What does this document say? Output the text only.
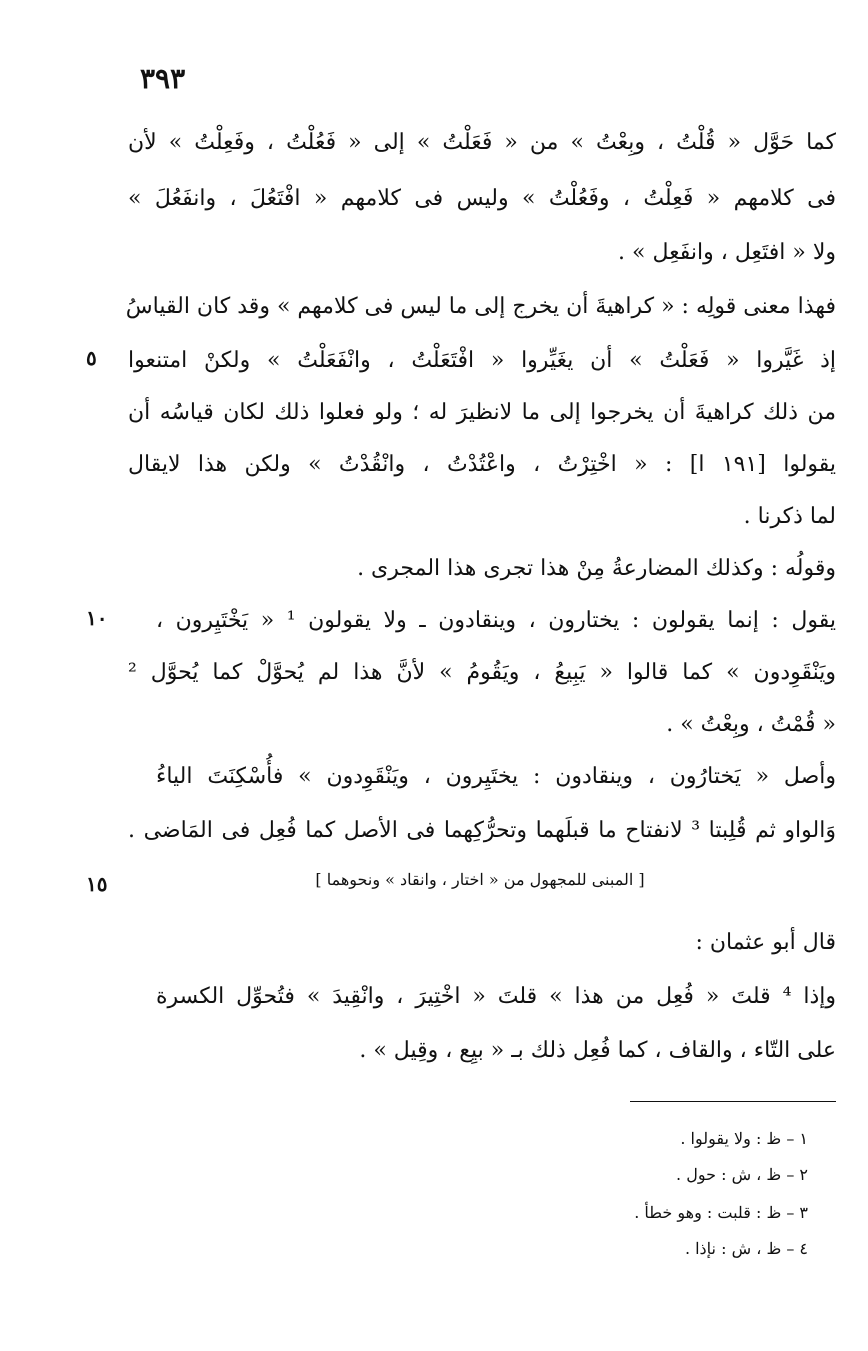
٣٩٣
كما حَوَّل « قُلْتُ ، وبِعْتُ » من « فَعَلْتُ » إلى « فَعُلْتُ ، وفَعِلْتُ » لأن
فى كلامهم « فَعِلْتُ ، وفَعُلْتُ » وليس فى كلامهم « افْتَعُلَ ، وانفَعُلَ »
ولا « افتَعِل ، وانفَعِل » .
فهذا معنى قولِه : « كراهيةَ أن يخرج إلى ما ليس فى كلامهم » وقد كان القياسُ
إذ غَيَّروا « فَعَلْتُ » أن يغَيِّروا « افْتَعَلْتُ ، وانْفَعَلْتُ » ولكنْ امتنعوا
٥
من ذلك كراهيةَ أن يخرجوا إلى ما لانظيرَ له ؛ ولو فعلوا ذلك لكان قياسُه أن
يقولوا [١٩١ ا] : « اخْتِرْتُ ، واعْتُدْتُ ، وانْقُدْتُ » ولكن هذا لايقال
لما ذكرنا .
وقولُه : وكذلك المضارعةُ مِنْ هذا تجرى هذا المجرى .
يقول : إنما يقولون : يختارون ، وينقادون ـ ولا يقولون ¹ « يَخْتَيِرون ،
١٠
ويَنْقَوِدون » كما قالوا « يَبِيعُ ، ويَقُومُ » لأنَّ هذا لم يُحوَّلْ كما يُحوَّل ²
« قُمْتُ ، وبِعْتُ » .
وأصل « يَختارُون ، وينقادون : يختَيِرون ، ويَنْقَوِدون » فأُسْكِنَتَ الياءُ
وَالواو ثم قُلِبتا ³ لانفتاح ما قبلَهما وتحرُّكِهما فى الأصل كما فُعِل فى المَاضى .
[ المبنى للمجهول من « اختار ، وانقاد » ونحوهما ]
١٥
قال أبو عثمان :
وإذا ⁴ قلتَ « فُعِل من هذا » قلتَ « اخْتِيرَ ، وانْقِيدَ » فتُحوِّل الكسرة
على التّاء ، والقاف ، كما فُعِل ذلك بـ « بيِع ، وقِيل » .
١ – ظ : ولا يقولوا .
٢ – ظ ، ش : حول .
٣ – ظ : قلبت : وهو خطأ .
٤ – ظ ، ش : نإذا .
